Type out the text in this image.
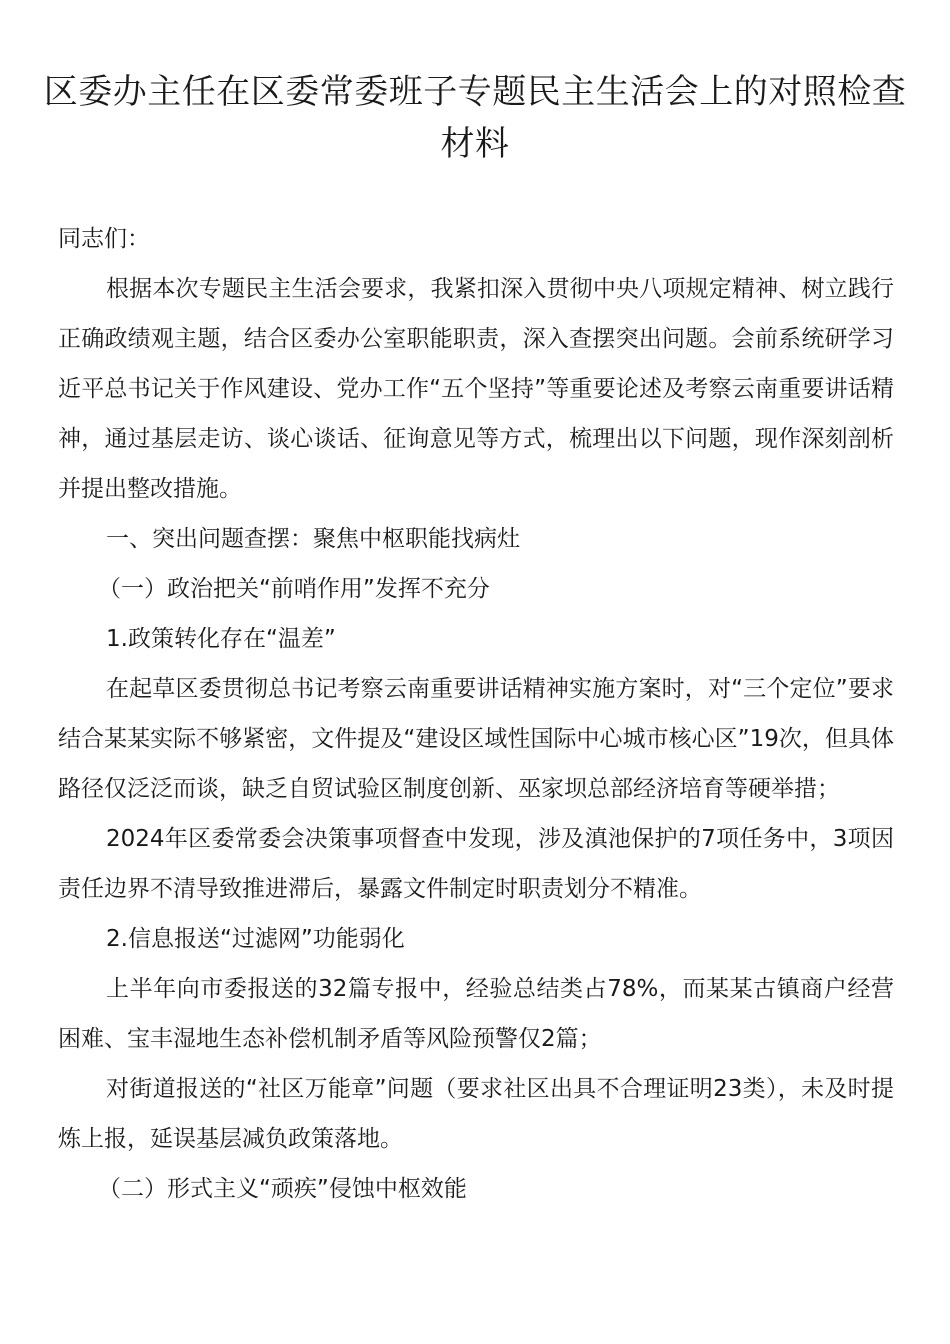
区委办主任在区委常委班子专题民主生活会上的对照检查材料

同志们：

根据本次专题民主生活会要求，我紧扣深入贯彻中央八项规定精神、树立践行正确政绩观主题，结合区委办公室职能职责，深入查摆突出问题。会前系统研学习近平总书记关于作风建设、党办工作“五个坚持”等重要论述及考察云南重要讲话精神，通过基层走访、谈心谈话、征询意见等方式，梳理出以下问题，现作深刻剖析并提出整改措施。

一、突出问题查摆：聚焦中枢职能找病灶

（一）政治把关“前哨作用”发挥不充分

1.政策转化存在“温差”

在起草区委贯彻总书记考察云南重要讲话精神实施方案时，对“三个定位”要求结合某某实际不够紧密，文件提及“建设区域性国际中心城市核心区”19次，但具体路径仅泛泛而谈，缺乏自贸试验区制度创新、巫家坝总部经济培育等硬举措；

2024年区委常委会决策事项督查中发现，涉及滇池保护的7项任务中，3项因责任边界不清导致推进滞后，暴露文件制定时职责划分不精准。

2.信息报送“过滤网”功能弱化

上半年向市委报送的32篇专报中，经验总结类占78%，而某某古镇商户经营困难、宝丰湿地生态补偿机制矛盾等风险预警仅2篇；

对街道报送的“社区万能章”问题（要求社区出具不合理证明23类），未及时提炼上报，延误基层减负政策落地。

（二）形式主义“顽疾”侵蚀中枢效能
